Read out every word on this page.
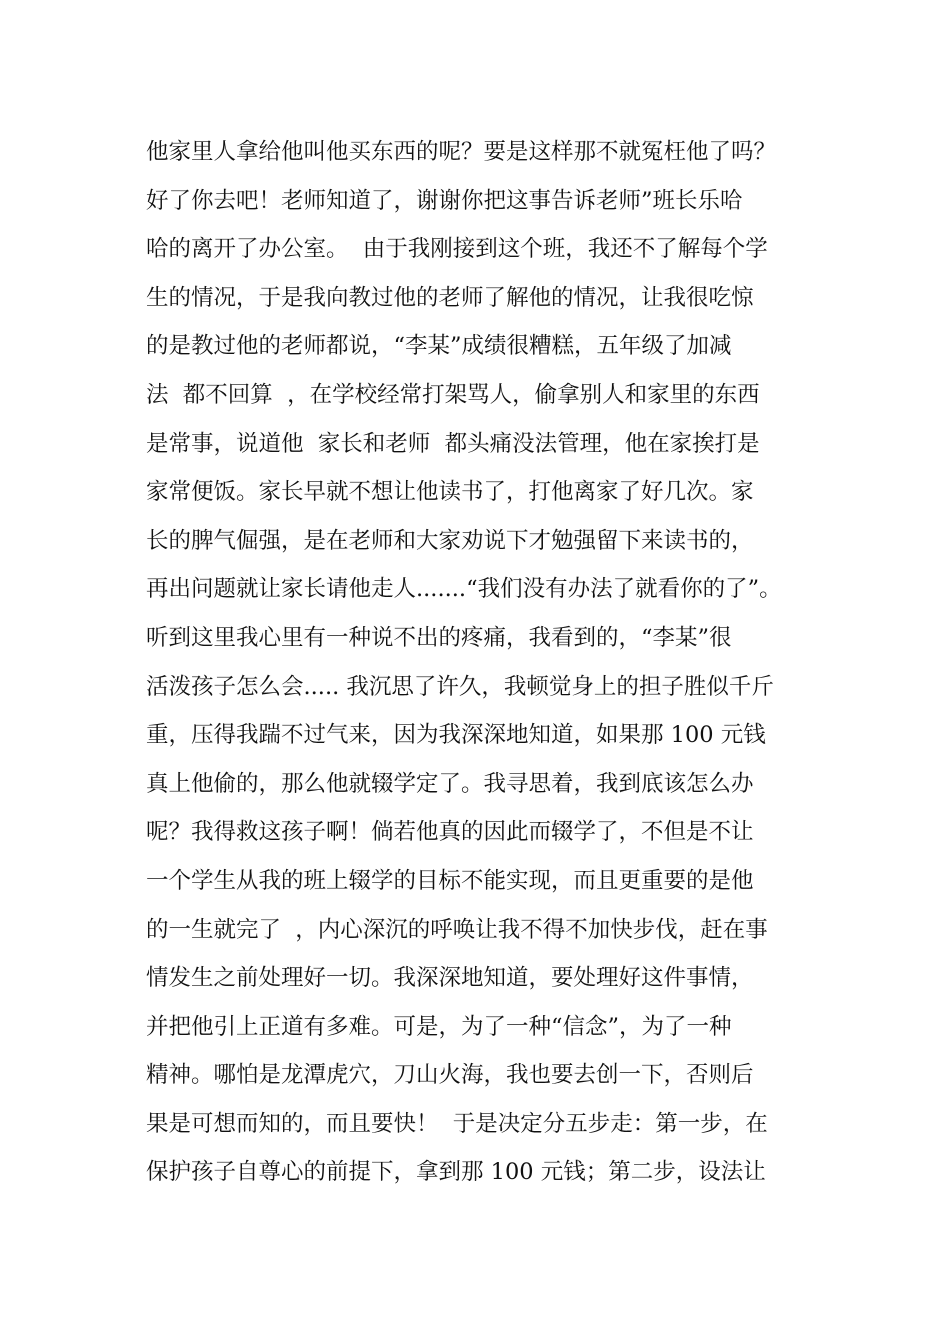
他家里人拿给他叫他买东西的呢？要是这样那不就冤枉他了吗？
好了你去吧！老师知道了，谢谢你把这事告诉老师”班长乐哈
哈的离开了办公室。  由于我刚接到这个班，我还不了解每个学
生的情况，于是我向教过他的老师了解他的情况，让我很吃惊
的是教过他的老师都说，“李某”成绩很糟糕，五年级了加减
法  都不回算  ，在学校经常打架骂人，偷拿别人和家里的东西
是常事，说道他  家长和老师  都头痛没法管理，他在家挨打是
家常便饭。家长早就不想让他读书了，打他离家了好几次。家
长的脾气倔强，是在老师和大家劝说下才勉强留下来读书的，
再出问题就让家长请他走人.......“我们没有办法了就看你的了”。
听到这里我心里有一种说不出的疼痛，我看到的，“李某”很
活泼孩子怎么会..... 我沉思了许久，我顿觉身上的担子胜似千斤
重，压得我踹不过气来，因为我深深地知道，如果那 100 元钱
真上他偷的，那么他就辍学定了。我寻思着，我到底该怎么办
呢？我得救这孩子啊！倘若他真的因此而辍学了，不但是不让
一个学生从我的班上辍学的目标不能实现，而且更重要的是他
的一生就完了  ，内心深沉的呼唤让我不得不加快步伐，赶在事
情发生之前处理好一切。我深深地知道，要处理好这件事情，
并把他引上正道有多难。可是，为了一种“信念”，为了一种
精神。哪怕是龙潭虎穴，刀山火海，我也要去创一下，否则后
果是可想而知的，而且要快！  于是决定分五步走：第一步，在
保护孩子自尊心的前提下，拿到那 100 元钱；第二步，设法让
